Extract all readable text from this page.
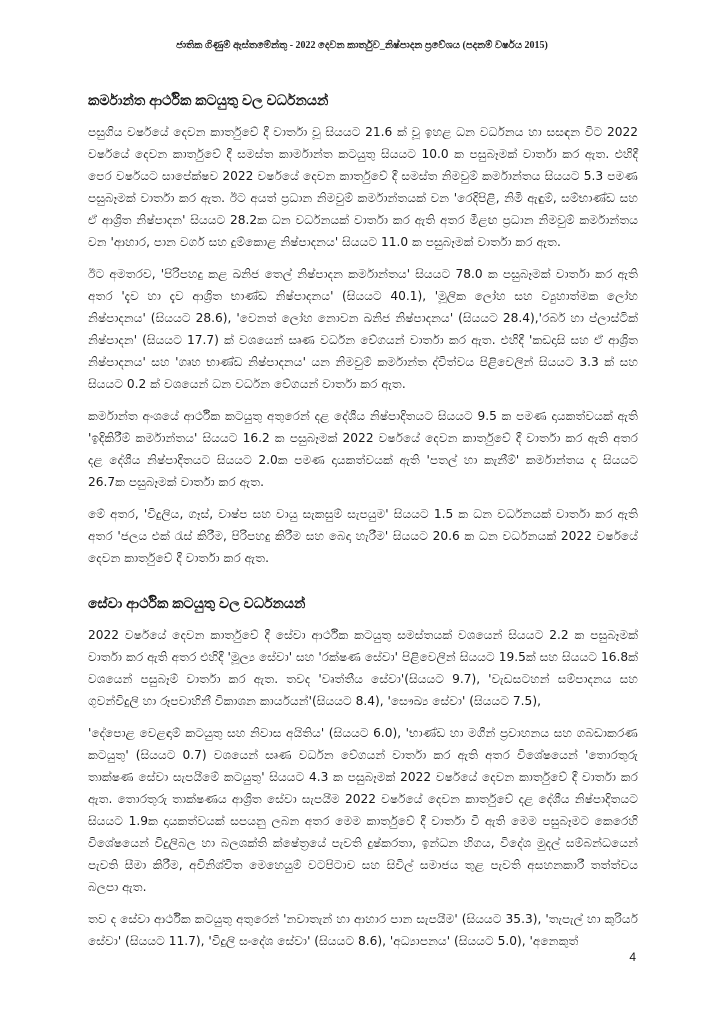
ජාතික ගිණුම් ඇස්තමේන්තු - 2022 දෙවන කාර්තුව_නිෂ්පාදන ප්‍රවේශය (පදනම් වර්ෂය 2015)
කර්මාන්ත ආර්ථික කටයුතු වල වර්ධනයන්

පසුගිය වර්ෂයේ දෙවන කාර්තුවේ දී වාර්තා වූ සියයට 21.6 ක් වූ ඉහළ ධන වර්ධනය හා සසඳන විට 2022 වර්ෂයේ දෙවන කාර්තුවේ දී සමස්ත කාර්මාන්ත කටයුතු සියයට 10.0 ක පසුබෑමක් වාර්තා කර ඇත. එහිදී පෙර වර්ෂයට සාපේක්ෂව 2022 වර්ෂයේ දෙවන කාර්තුවේ දී සමස්ත නිමවුම් කර්මාන්තය සියයට 5.3 පමණ පසුබෑමක් වාර්තා කර ඇත. ඊට අයත් ප්‍රධාන නිමවුම් කර්මාන්තයක් වන 'රෙදිපිළි, නිමි ඇඳුම්, සම්භාණ්ඩ සහ ඒ ආශ්‍රිත නිෂ්පාදන' සියයට 28.2ක ධන වර්ධනයක් වාර්තා කර ඇති අතර මීළඟ ප්‍රධාන නිමවුම් කර්මාන්තය වන 'ආහාර, පාන වර්ග සහ දුම්කොළ නිෂ්පාදනය' සියයට 11.0 ක පසුබෑමක් වාර්තා කර ඇත.

ඊට අමතරව, 'පිරිපහදු කළ ඛනිජ තෙල් නිෂ්පාදන කර්මාන්තය' සියයට 78.0 ක පසුබෑමක් වාර්තා කර ඇති අතර 'දැව හා දැව ආශ්‍රිත භාණ්ඩ නිෂ්පාදනය' (සියයට 40.1), 'මූලික ලෝහ සහ ව්‍යුහාත්මක ලෝහ නිෂ්පාදනය' (සියයට 28.6), 'වෙනත් ලෝහ නොවන ඛනිජ නිෂ්පාදනය' (සියයට 28.4),'රබර් හා ප්ලාස්ටික් නිෂ්පාදන' (සියයට 17.7) ක් වශයෙන් සෘණ වර්ධන වේගයන් වාර්තා කර ඇත. එහිදී 'කඩදාසි සහ ඒ ආශ්‍රිත නිෂ්පාදනය' සහ 'ගෘහ භාණ්ඩ නිෂ්පාදනය' යන නිමවුම් කර්මාන්ත ද්විත්වය පිළිවෙලින් සියයට 3.3 ක් සහ සියයට 0.2 ක් වශයෙන් ධන වර්ධන වේගයන් වාර්තා කර ඇත.

කර්මාන්ත අංශයේ ආර්ථික කටයුතු අතුරෙන් දළ දේශීය නිෂ්පාදිතයට සියයට 9.5 ක පමණ දායකත්වයක් ඇති 'ඉදිකිරීම් කර්මාන්තය' සියයට 16.2 ක පසුබෑමක් 2022 වර්ෂයේ දෙවන කාර්තුවේ දී වාර්තා කර ඇති අතර දළ දේශීය නිෂ්පාදිතයට සියයට 2.0ක පමණ දායකත්වයක් ඇති 'පතල් හා කැනීම්' කර්මාන්තය ද සියයට 26.7ක පසුබෑමක් වාර්තා කර ඇත.

මේ අතර, 'විදුලිය, ගෑස්, වාෂ්ප සහ වායු සැකසුම් සැපයුම' සියයට 1.5 ක ධන වර්ධනයක් වාර්තා කර ඇති අතර 'ජලය එක් රැස් කිරීම, පිරිපහදු කිරීම සහ බෙදා හැරීම' සියයට 20.6 ක ධන වර්ධනයක් 2022 වර්ෂයේ දෙවන කාර්තුවේ දී වාර්තා කර ඇත.

සේවා ආර්ථික කටයුතු වල වර්ධනයන්

2022 වර්ෂයේ දෙවන කාර්තුවේ දී සේවා ආර්ථික කටයුතු සමස්තයක් වශයෙන් සියයට 2.2 ක පසුබෑමක් වාර්තා කර ඇති අතර එහිදී 'මූල්‍ය සේවා' සහ 'රක්ෂණ සේවා' පිළිවෙලින් සියයට 19.5ක් සහ සියයට 16.8ක් වශයෙන් පසුබෑම් වාර්තා කර ඇත. තවද 'වෘත්තීය සේවා'(සියයට 9.7), 'වැඩසටහන් සම්පාදනය සහ ගුවන්විදුලි හා රූපවාහිනී විකාශන කාර්යයන්'(සියයට 8.4), 'සෞඛ්‍ය සේවා' (සියයට 7.5),

'දේපොළ වෙළඳාම් කටයුතු සහ නිවාස අයිතිය' (සියයට 6.0), 'භාණ්ඩ හා මගීන් ප්‍රවාහනය සහ ගබඩාකරණ කටයුතු' (සියයට 0.7) වශයෙන් සෘණ වර්ධන වේගයන් වාර්තා කර ඇති අතර විශේෂයෙන් 'තොරතුරු තාක්ෂණ සේවා සැපයීමේ කටයුතු' සියයට 4.3 ක පසුබෑමක් 2022 වර්ෂයේ දෙවන කාර්තුවේ දී වාර්තා කර ඇත. තොරතුරු තාක්ෂණය ආශ්‍රිත සේවා සැපයීම 2022 වර්ෂයේ දෙවන කාර්තුවේ දළ දේශීය නිෂ්පාදිතයට සියයට 1.9ක දායකත්වයක් සපයනු ලබන අතර මෙම කාර්තුවේ දී වාර්තා වී ඇති මෙම පසුබෑමට කෙරෙහි විශේෂයෙන් විදුලිබල හා බලශක්ති ක්ෂේත්‍රයේ පැවති දුෂ්කරතා, ඉන්ධන හිගය, විදේශ මුදල් සම්බන්ධයෙන් පැවති සීමා කිරීම, අවිනිශ්චිත මෙහෙයුම් වටපිටාව සහ සිවිල් සමාජය තුළ පැවති අසහනකාරී තත්ත්වය බලපා ඇත.

තව ද සේවා ආර්ථික කටයුතු අතුරෙන් 'නවාතැන් හා ආහාර පාන සැපයීම' (සියයට 35.3), 'තැපැල් හා කුරියර් සේවා' (සියයට 11.7), 'විදුලි සංදේශ සේවා' (සියයට 8.6), 'අධ්‍යාපනය' (සියයට 5.0), 'අනෙකුත්

4
